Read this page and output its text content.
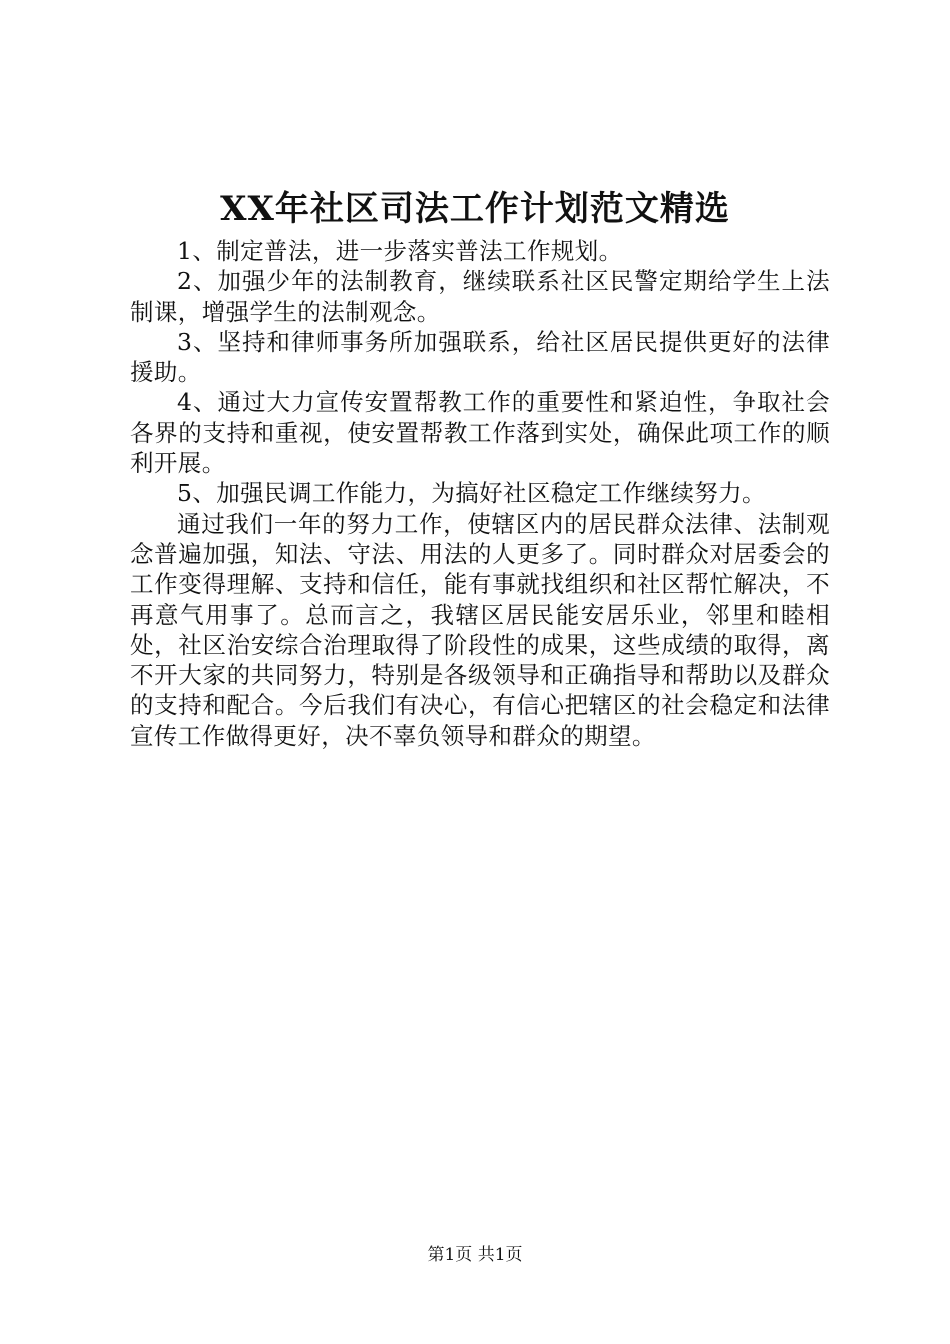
XX年社区司法工作计划范文精选

1、制定普法，进一步落实普法工作规划。

2、加强少年的法制教育，继续联系社区民警定期给学生上法制课，增强学生的法制观念。

3、坚持和律师事务所加强联系，给社区居民提供更好的法律援助。

4、通过大力宣传安置帮教工作的重要性和紧迫性，争取社会各界的支持和重视，使安置帮教工作落到实处，确保此项工作的顺利开展。

5、加强民调工作能力，为搞好社区稳定工作继续努力。

通过我们一年的努力工作，使辖区内的居民群众法律、法制观念普遍加强，知法、守法、用法的人更多了。同时群众对居委会的工作变得理解、支持和信任，能有事就找组织和社区帮忙解决，不再意气用事了。总而言之，我辖区居民能安居乐业，邻里和睦相处，社区治安综合治理取得了阶段性的成果，这些成绩的取得，离不开大家的共同努力，特别是各级领导和正确指导和帮助以及群众的支持和配合。今后我们有决心，有信心把辖区的社会稳定和法律宣传工作做得更好，决不辜负领导和群众的期望。

第1页 共1页
